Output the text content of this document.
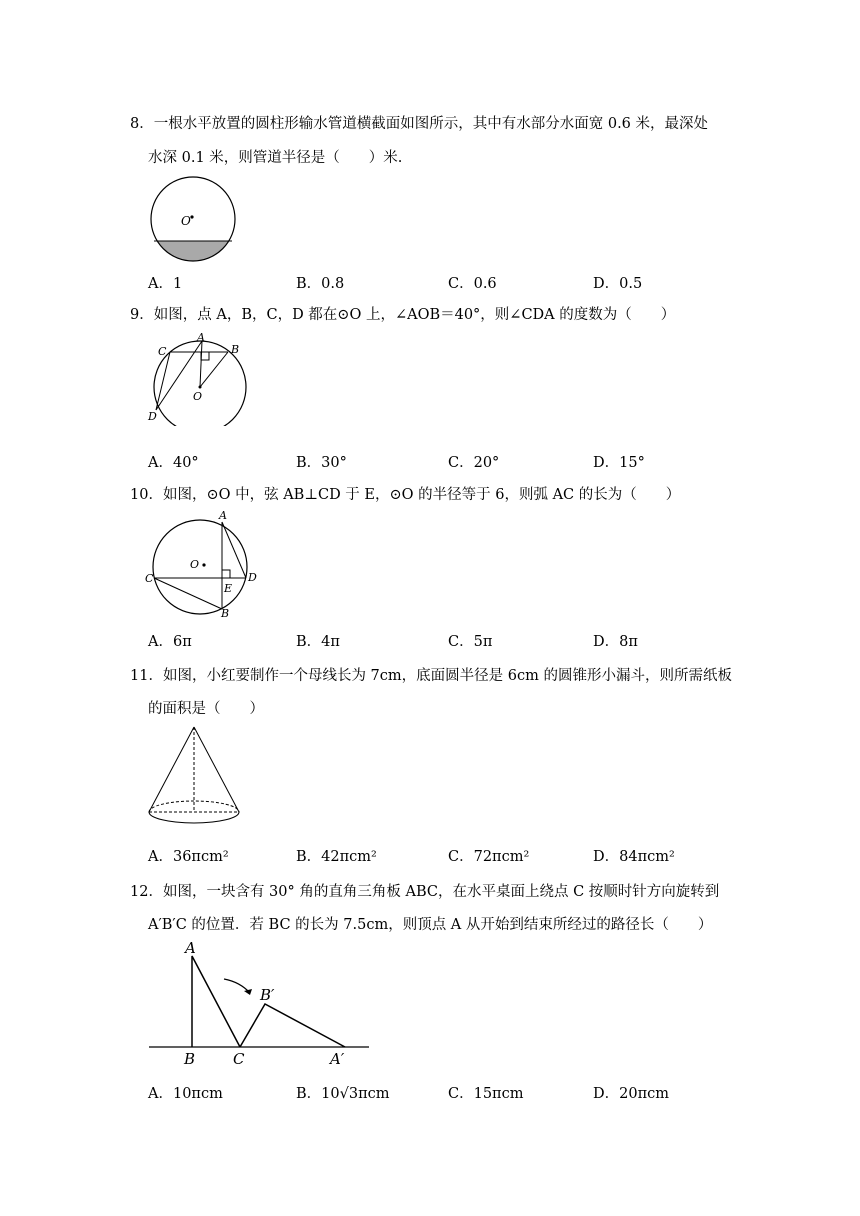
8．一根水平放置的圆柱形输水管道横截面如图所示，其中有水部分水面宽 0.6 米，最深处
水深 0.1 米，则管道半径是（　　）米.
O
A．1	B．0.8	C．0.6	D．0.5
9．如图，点 A，B，C，D 都在⊙O 上，∠AOB＝40°，则∠CDA 的度数为（　　）
A
B
C
D
O
A．40°	B．30°	C．20°	D．15°
10．如图，⊙O 中，弦 AB⊥CD 于 E，⊙O 的半径等于 6，则弧 AC 的长为（　　）
O
A
B
C	D
E
A．6π	B．4π	C．5π	D．8π
11．如图，小红要制作一个母线长为 7cm，底面圆半径是 6cm 的圆锥形小漏斗，则所需纸板
的面积是（　　）
A．36πcm²	B．42πcm²	C．72πcm²	D．84πcm²
12．如图，一块含有 30° 角的直角三角板 ABC，在水平桌面上绕点 C 按顺时针方向旋转到
A′B′C 的位置．若 BC 的长为 7.5cm，则顶点 A 从开始到结束所经过的路径长（　　）
A
B	C
B′
A′
A．10πcm	B．10√3πcm	C．15πcm	D．20πcm
